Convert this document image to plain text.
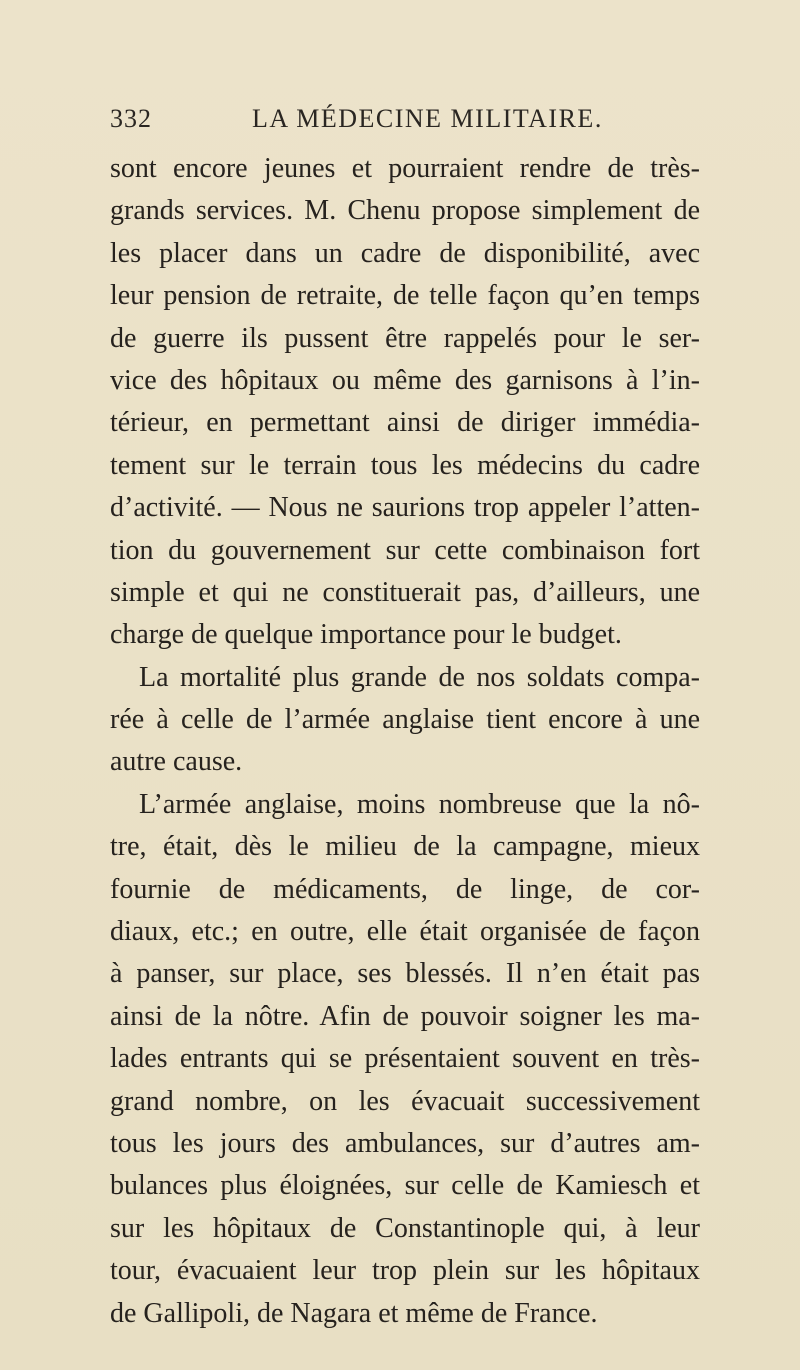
332	LA MÉDECINE MILITAIRE.
sont encore jeunes et pourraient rendre de très-
grands services. M. Chenu propose simplement de
les placer dans un cadre de disponibilité, avec
leur pension de retraite, de telle façon qu’en temps
de guerre ils pussent être rappelés pour le ser-
vice des hôpitaux ou même des garnisons à l’in-
térieur, en permettant ainsi de diriger immédia-
tement sur le terrain tous les médecins du cadre
d’activité. — Nous ne saurions trop appeler l’atten-
tion du gouvernement sur cette combinaison fort
simple et qui ne constituerait pas, d’ailleurs, une
charge de quelque importance pour le budget.
La mortalité plus grande de nos soldats compa-
rée à celle de l’armée anglaise tient encore à une
autre cause.
L’armée anglaise, moins nombreuse que la nô-
tre, était, dès le milieu de la campagne, mieux
fournie de médicaments, de linge, de cor-
diaux, etc.; en outre, elle était organisée de façon
à panser, sur place, ses blessés. Il n’en était pas
ainsi de la nôtre. Afin de pouvoir soigner les ma-
lades entrants qui se présentaient souvent en très-
grand nombre, on les évacuait successivement
tous les jours des ambulances, sur d’autres am-
bulances plus éloignées, sur celle de Kamiesch et
sur les hôpitaux de Constantinople qui, à leur
tour, évacuaient leur trop plein sur les hôpitaux
de Gallipoli, de Nagara et même de France.
